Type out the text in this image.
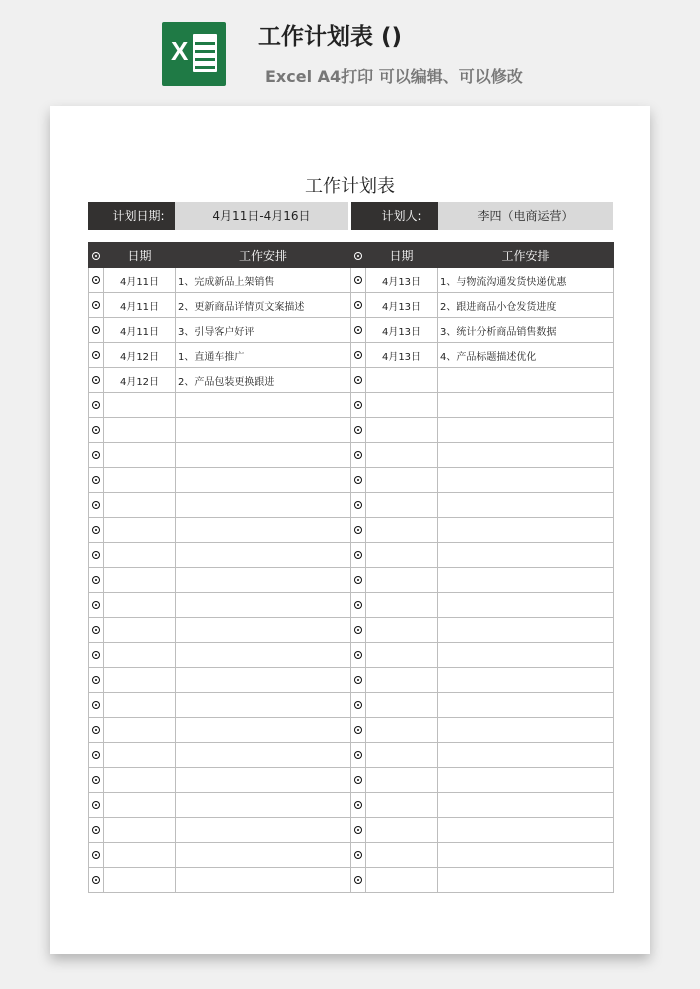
X	工作计划表 ()
Excel A4打印 可以编辑、可以修改
工作计划表
计划日期:	4月11日-4月16日	计划人:	李四（电商运营）
	日期	工作安排		日期	工作安排
	4月11日	1、完成新品上架销售		4月13日	1、与物流沟通发货快递优惠
	4月11日	2、更新商品详情页文案描述		4月13日	2、跟进商品小仓发货进度
	4月11日	3、引导客户好评		4月13日	3、统计分析商品销售数据
	4月12日	1、直通车推广		4月13日	4、产品标题描述优化
	4月12日	2、产品包装更换跟进			
